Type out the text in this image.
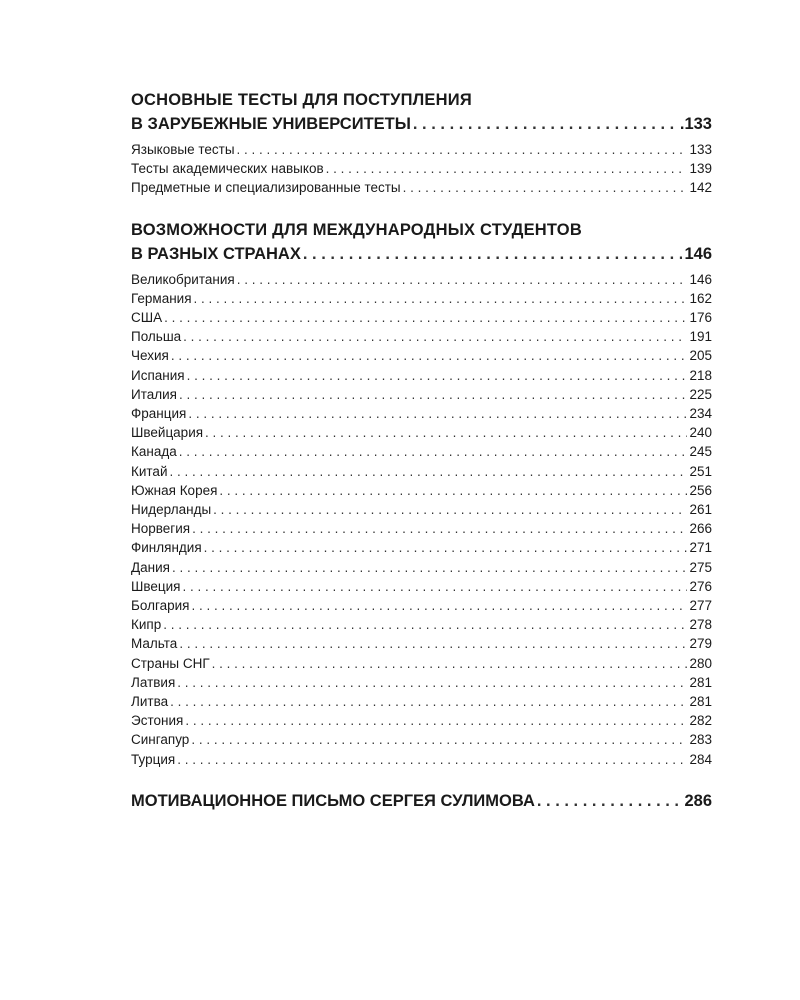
ОСНОВНЫЕ ТЕСТЫ ДЛЯ ПОСТУПЛЕНИЯ
В ЗАРУБЕЖНЫЕ УНИВЕРСИТЕТЫ . . .	.133
Языковые тесты . . .	133
Тесты академических навыков . . .	139
Предметные и специализированные тесты . . .	142
ВОЗМОЖНОСТИ ДЛЯ МЕЖДУНАРОДНЫХ СТУДЕНТОВ
В РАЗНЫХ СТРАНАХ . . .	146
Великобритания . . .	146
Германия . . .	162
США . . .	176
Польша . . .	191
Чехия . . .	205
Испания . . .	218
Италия . . .	225
Франция . . .	234
Швейцария . . .	240
Канада . . .	245
Китай . . .	251
Южная Корея . . .	256
Нидерланды . . .	261
Норвегия . . .	266
Финляндия . . .	271
Дания . . .	275
Швеция . . .	276
Болгария . . .	277
Кипр . . .	278
Мальта . . .	279
Страны СНГ . . .	280
Латвия . . .	281
Литва . . .	281
Эстония . . .	282
Сингапур . . .	283
Турция . . .	284
МОТИВАЦИОННОЕ ПИСЬМО СЕРГЕЯ СУЛИМОВА . . .	286
